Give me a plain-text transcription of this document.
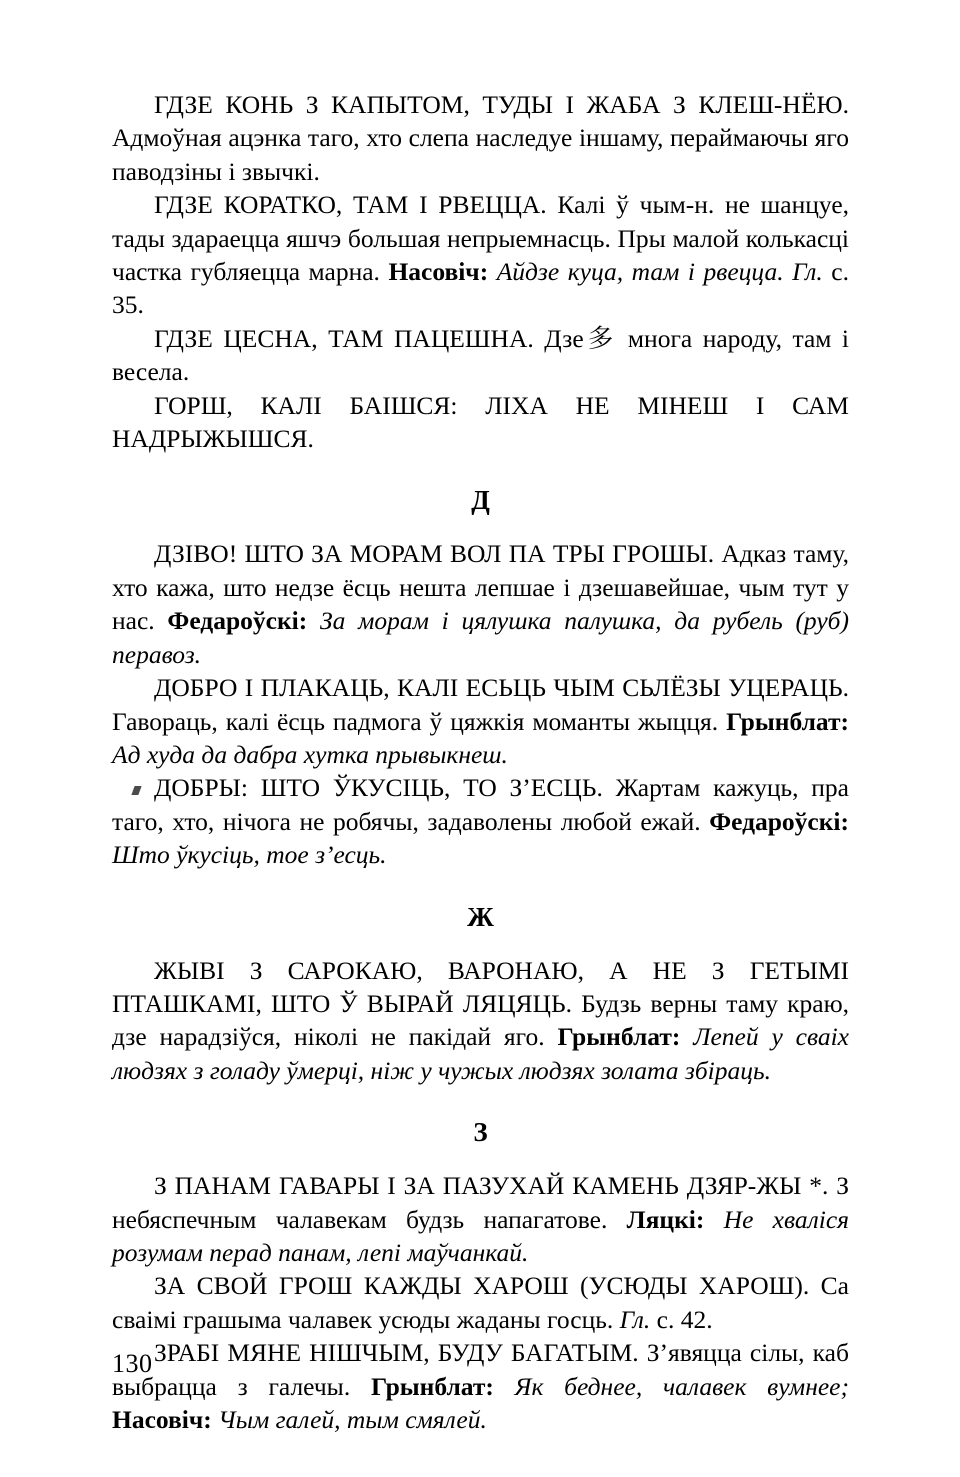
ГДЗЕ КОНЬ З КАПЫТОМ, ТУДЫ І ЖАБА З КЛЕШ-НЁЮ. Адмоўная ацэнка таго, хто слепа наследуе іншаму, пераймаючы яго паводзіны і звычкі.

ГДЗЕ КОРАТКО, ТАМ І РВЕЦЦА. Калі ў чым-н. не шанцуе, тады здараецца яшчэ большая непрыемнасць. Пры малой колькасці частка губляецца марна. Насовіч: Айдзе куца, там і рвецца. Гл. с. 35.

ГДЗЕ ЦЕСНА, ТАМ ПАЦЕШНА. Дзе多 многа народу, там і весела.

ГОРШ, КАЛІ БАІШСЯ: ЛІХА НЕ МІНЕШ І САМ НАДРЫЖЫШСЯ.

Д

ДЗІВО! ШТО ЗА МОРАМ ВОЛ ПА ТРЫ ГРОШЫ. Адказ таму, хто кажа, што недзе ёсць нешта лепшае і дзешавейшае, чым тут у нас. Федароўскі: За морам і цялушка палушка, да рубель (руб) перавоз.

ДОБРО І ПЛАКАЦЬ, КАЛІ ЕСЬЦЬ ЧЫМ СЬЛЁЗЫ УЦЕРАЦЬ. Гавораць, калі ёсць падмога ў цяжкія моманты жыцця. Грынблат: Ад худа да дабра хутка прывыкнеш.

ДОБРЫ: ШТО ЎКУСІЦЬ, ТО З’ЕСЦЬ. Жартам кажуць, пра таго, хто, нічога не робячы, задаволены любой ежай. Федароўскі: Што ўкусіць, тое з’есць.

Ж

ЖЫВІ З САРОКАЮ, ВАРОНАЮ, А НЕ З ГЕТЫМІ ПТАШКАМІ, ШТО Ў ВЫРАЙ ЛЯЦЯЦЬ. Будзь верны таму краю, дзе нарадзіўся, ніколі не пакідай яго. Грынблат: Лепей у сваіх людзях з голаду ўмерці, ніж у чужых людзях золата збіраць.

З

З ПАНАМ ГАВАРЫ І ЗА ПАЗУХАЙ КАМЕНЬ ДЗЯР-ЖЫ *. З небяспечным чалавекам будзь напагатове. Ляцкі: Не хваліся розумам перад панам, лепі маўчанкай.

ЗА СВОЙ ГРОШ КАЖДЫ ХАРОШ (УСЮДЫ ХАРОШ). Са сваімі грашыма чалавек усюды жаданы госць. Гл. с. 42.

ЗРАБІ МЯНЕ НІШЧЫМ, БУДУ БАГАТЫМ. З’явяцца сілы, каб выбрацца з галечы. Грынблат: Як беднее, чалавек вумнее; Насовіч: Чым галей, тым смялей.

130
